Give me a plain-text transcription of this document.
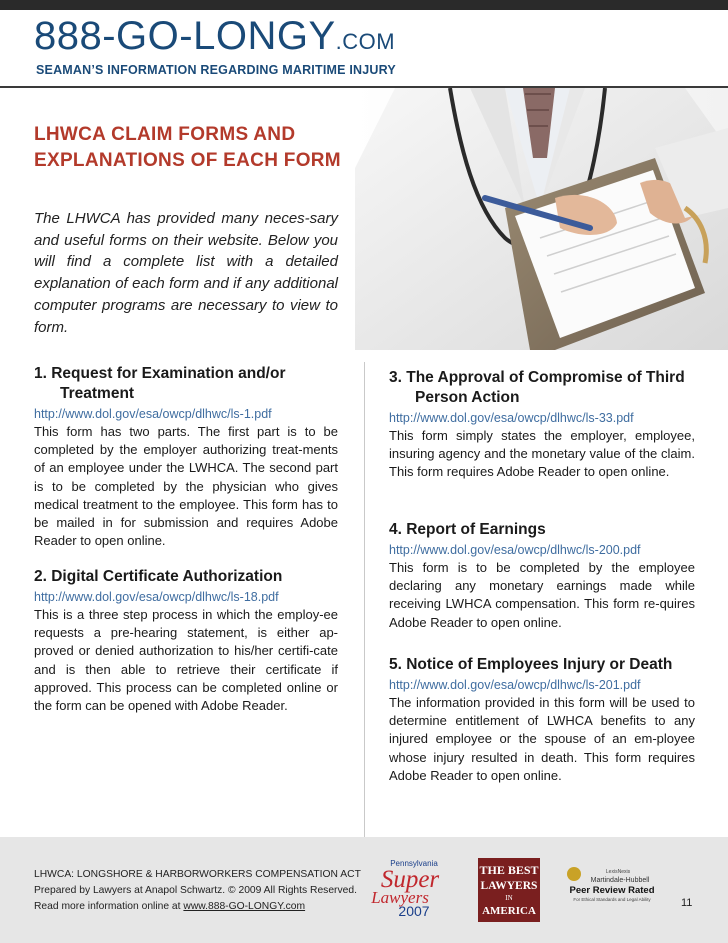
888-GO-LONGY.COM
SEAMAN’S INFORMATION REGARDING MARITIME INJURY
LHWCA CLAIM FORMS AND EXPLANATIONS OF EACH FORM
The LHWCA has provided many neces-sary and useful forms on their website. Below you will find a complete list with a detailed explanation of each form and if any additional computer programs are necessary to view to form.
1. Request for Examination and/or Treatment
http://www.dol.gov/esa/owcp/dlhwc/ls-1.pdf

This form has two parts. The first part is to be completed by the employer authorizing treat-ments of an employee under the LWHCA. The second part is to be completed by the physician who gives medical treatment to the employee. This form has to be mailed in for submission and requires Adobe Reader to open online.

2. Digital Certificate Authorization
http://www.dol.gov/esa/owcp/dlhwc/ls-18.pdf

This is a three step process in which the employ-ee requests a pre-hearing statement, is either ap-proved or denied authorization to his/her certifi-cate and is then able to retrieve their certificate if approved. This process can be completed online or the form can be opened with Adobe Reader.

3. The Approval of Compromise of Third Person Action
http://www.dol.gov/esa/owcp/dlhwc/ls-33.pdf

This form simply states the employer, employee, insuring agency and the monetary value of the claim. This form requires Adobe Reader to open online.

4. Report of Earnings
http://www.dol.gov/esa/owcp/dlhwc/ls-200.pdf

This form is to be completed by the employee declaring any monetary earnings made while receiving LWHCA compensation. This form re-quires Adobe Reader to open online.

5. Notice of Employees Injury or Death
http://www.dol.gov/esa/owcp/dlhwc/ls-201.pdf

The information provided in this form will be used to determine entitlement of LWHCA benefits to any injured employee or the spouse of an em-ployee whose injury resulted in death. This form requires Adobe Reader to open online.

LHWCA: LONGSHORE & HARBORWORKERS COMPENSATION ACT
Prepared by Lawyers at Anapol Schwartz. © 2009 All Rights Reserved.
Read more information online at www.888-GO-LONGY.com
Pennsylvania
Super
Lawyers
2007
THE BEST
LAWYERS
IN
AMERICA
LexisNexis
Martindale-Hubbell
Peer Review Rated
For Ethical Standards and Legal Ability	11
